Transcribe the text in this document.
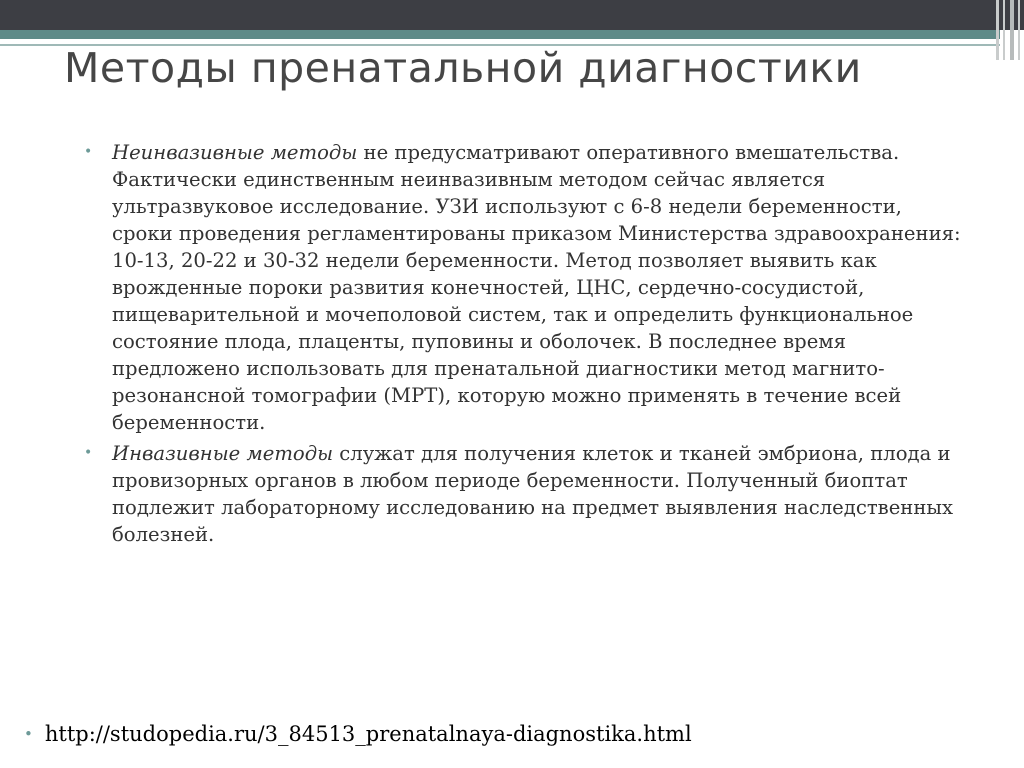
Методы пренатальной диагностики

• Неинвазивные методы не предусматривают оперативного вмешательства. Фактически единственным неинвазивным методом сейчас является ультразвуковое исследование. УЗИ используют с 6-8 недели беременности, сроки проведения регламентированы приказом Министерства здравоохранения: 10-13, 20-22 и 30-32 недели беременности. Метод позволяет выявить как врожденные пороки развития конечностей, ЦНС, сердечно-сосудистой, пищеварительной и мочеполовой систем, так и определить функциональное состояние плода, плаценты, пуповины и оболочек. В последнее время предложено использовать для пренатальной диагностики метод магнито-резонансной томографии (МРТ), которую можно применять в течение всей беременности.

• Инвазивные методы служат для получения клеток и тканей эмбриона, плода и провизорных органов в любом периоде беременности. Полученный биоптат подлежит лабораторному исследованию на предмет выявления наследственных болезней.

• http://studopedia.ru/3_84513_prenatalnaya-diagnostika.html
